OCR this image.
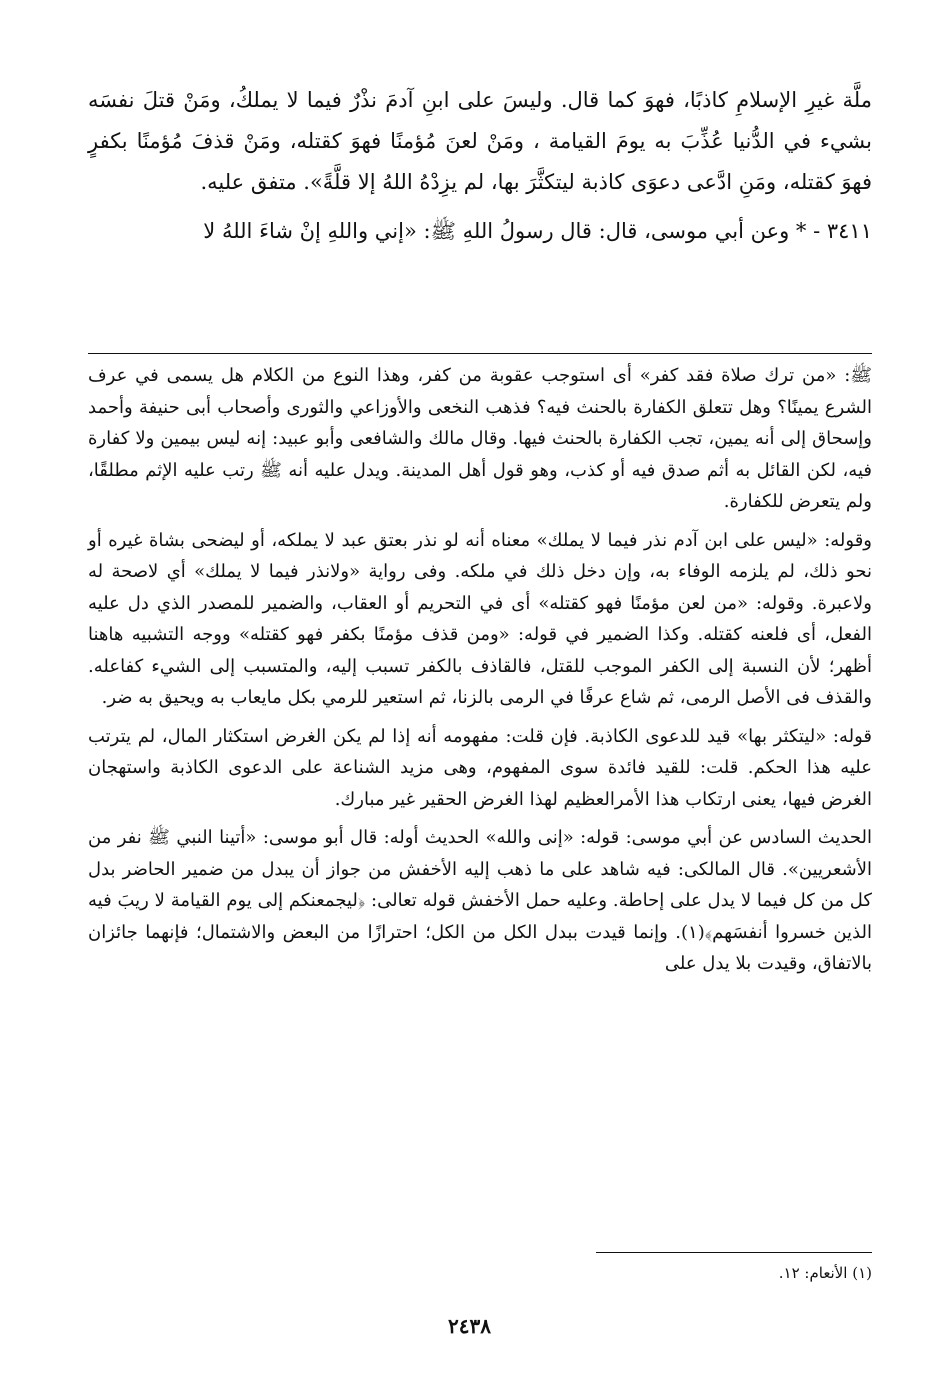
ملَّة غيرِ الإسلامِ كاذبًا، فهوَ كما قال. وليسَ على ابنِ آدمَ نذْرٌ فيما لا يملكُ، ومَنْ قتلَ نفسَه بشيء في الدُّنيا عُذِّبَ به يومَ القيامة ، ومَنْ لعنَ مُؤمنًا فهوَ كقتله، ومَنْ قذفَ مُؤمنًا بكفرٍ فهوَ كقتله، ومَنِ ادَّعى دعوَى كاذبة ليتكثَّرَ بها، لم يزِدْهُ اللهُ إلا قلَّةً». متفق عليه.

٣٤١١ - * وعن أبي موسى، قال: قال رسولُ اللهِ ﷺ: «إني واللهِ إنْ شاءَ اللهُ لا

ﷺ: «من ترك صلاة فقد كفر» أى استوجب عقوبة من كفر، وهذا النوع من الكلام هل يسمى في عرف الشرع يمينًا؟ وهل تتعلق الكفارة بالحنث فيه؟ فذهب النخعى والأوزاعي والثورى وأصحاب أبى حنيفة وأحمد وإسحاق إلى أنه يمين، تجب الكفارة بالحنث فيها. وقال مالك والشافعى وأبو عبيد: إنه ليس بيمين ولا كفارة فيه، لكن القائل به أثم صدق فيه أو كذب، وهو قول أهل المدينة. ويدل عليه أنه ﷺ رتب عليه الإثم مطلقًا، ولم يتعرض للكفارة.

وقوله: «ليس على ابن آدم نذر فيما لا يملك» معناه أنه لو نذر بعتق عبد لا يملكه، أو ليضحى بشاة غيره أو نحو ذلك، لم يلزمه الوفاء به، وإن دخل ذلك في ملكه. وفى رواية «ولانذر فيما لا يملك» أي لاصحة له ولاعبرة. وقوله: «من لعن مؤمنًا فهو كقتله» أى في التحريم أو العقاب، والضمير للمصدر الذي دل عليه الفعل، أى فلعنه كقتله. وكذا الضمير في قوله: «ومن قذف مؤمنًا بكفر فهو كقتله» ووجه التشبيه هاهنا أظهر؛ لأن النسبة إلى الكفر الموجب للقتل، فالقاذف بالكفر تسبب إليه، والمتسبب إلى الشيء كفاعله. والقذف فى الأصل الرمى، ثم شاع عرفًا في الرمى بالزنا، ثم استعير للرمي بكل مايعاب به ويحيق به ضر.

قوله: «ليتكثر بها» قيد للدعوى الكاذبة. فإن قلت: مفهومه أنه إذا لم يكن الغرض استكثار المال، لم يترتب عليه هذا الحكم. قلت: للقيد فائدة سوى المفهوم، وهى مزيد الشناعة على الدعوى الكاذبة واستهجان الغرض فيها، يعنى ارتكاب هذا الأمرالعظيم لهذا الغرض الحقير غير مبارك.

الحديث السادس عن أبي موسى: قوله: «إنى والله» الحديث أوله: قال أبو موسى: «أتينا النبي ﷺ نفر من الأشعريين». قال المالكى: فيه شاهد على ما ذهب إليه الأخفش من جواز أن يبدل من ضمير الحاضر بدل كل من كل فيما لا يدل على إحاطة. وعليه حمل الأخفش قوله تعالى: ﴿ليجمعنكم إلى يوم القيامة لا ريبَ فيه الذين خسروا أنفسَهم﴾(١). وإنما قيدت ببدل الكل من الكل؛ احترازًا من البعض والاشتمال؛ فإنهما جائزان بالاتفاق، وقيدت بلا يدل على

(١) الأنعام: ١٢.
٢٤٣٨
